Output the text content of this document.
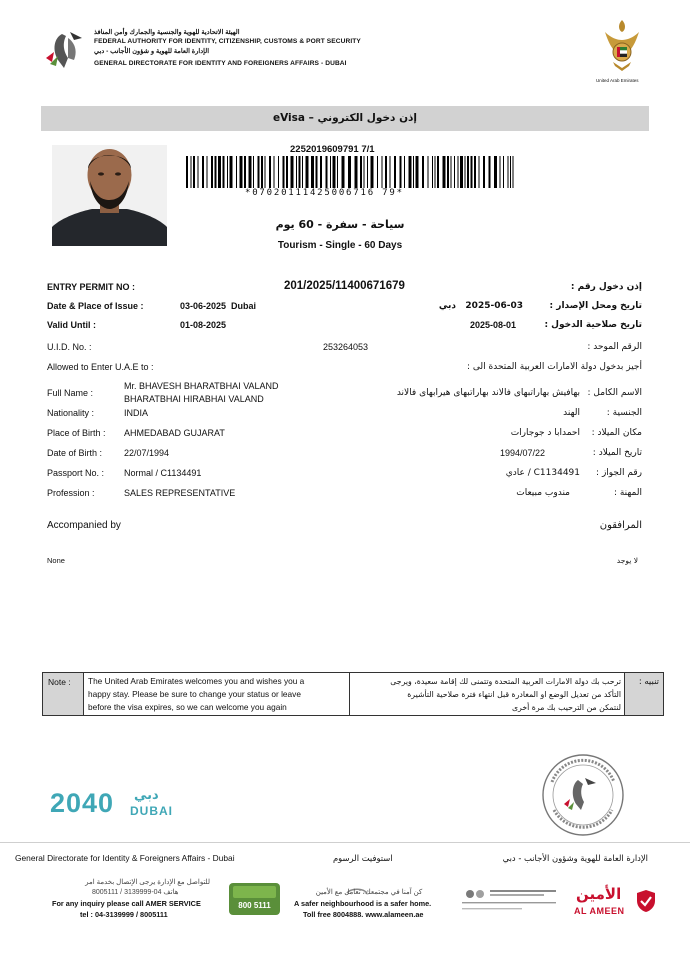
الهيئة الاتحادية للهوية والجنسية والجمارك وأمن المنافذ
FEDERAL AUTHORITY FOR IDENTITY, CITIZENSHIP, CUSTOMS & PORT SECURITY
الإدارة العامة للهوية و شؤون الأجانب - دبي
GENERAL DIRECTORATE FOR IDENTITY AND FOREIGNERS AFFAIRS - DUBAI
United Arab Emirates
eVisa – إذن دخول الكتروني
2252019609791 7/1
*07020111425006716 79*
سياحة - سفرة - 60 يوم
Tourism - Single - 60 Days
ENTRY PERMIT NO :	201/2025/11400671679	إذن دخول رقم :
Date & Place of Issue :	03-06-2025  Dubai	2025-06-03   دبي	تاريخ ومحل الإصدار :
Valid Until :	01-08-2025	2025-08-01	تاريخ صلاحية الدخول :
U.I.D. No. :	253264053	الرقم الموحد :
Allowed to Enter U.A.E to :	أجيز بدخول دولة الامارات العربية المتحدة الى :
Full Name :
Mr. BHAVESH BHARATBHAI VALAND
BHARATBHAI HIRABHAI VALAND
بهافيش بهاراتبهاى فالاند بهاراتبهاى هيرابهاى فالاند الاسم الكامل :
Nationality :	INDIA	الهند	الجنسية :
Place of Birth : AHMEDABAD GUJARAT	احمدابا د جوجارات	مكان الميلاد :
Date of Birth : 22/07/1994	1994/07/22	تاريخ الميلاد :
Passport No. : Normal / C1134491	C1134491 / عادي	رقم الجواز :
Profession :	SALES REPRESENTATIVE	مندوب مبيعات	المهنة :
Accompanied by	المرافقون
None	لا يوجد
Note :	The United Arab Emirates welcomes you and wishes you a
happy stay. Please be sure to change your status or leave
before the visa expires, so we can welcome you again
ترحب بك دولة الامارات العربية المتحدة وتتمنى لك إقامة سعيدة، ويرجى
التأكد من تعديل الوضع او المغادرة قبل انتهاء فترة صلاحية التأشيرة
لنتمكن من الترحيب بك مرة أخرى
تنبيه :
2040 دبي
DUBAI
General Directorate for Identity & Foreigners Affairs - Dubai	استوفيت الرسوم	الإدارة العامة للهوية وشؤون الأجانب - دبي
للتواصل مع الإدارة يرجى الإتصال بخدمة امر
هاتف 04-3139999 / 8005111
For any inquiry please call AMER SERVICE
tel : 04-3139999 / 8005111
800 5111
كن آمنا في مجتمعك، تعامل مع الأمين
A safer neighbourhood is a safer home.
Toll free 8004888. www.alameen.ae
الأمين
AL AMEEN
